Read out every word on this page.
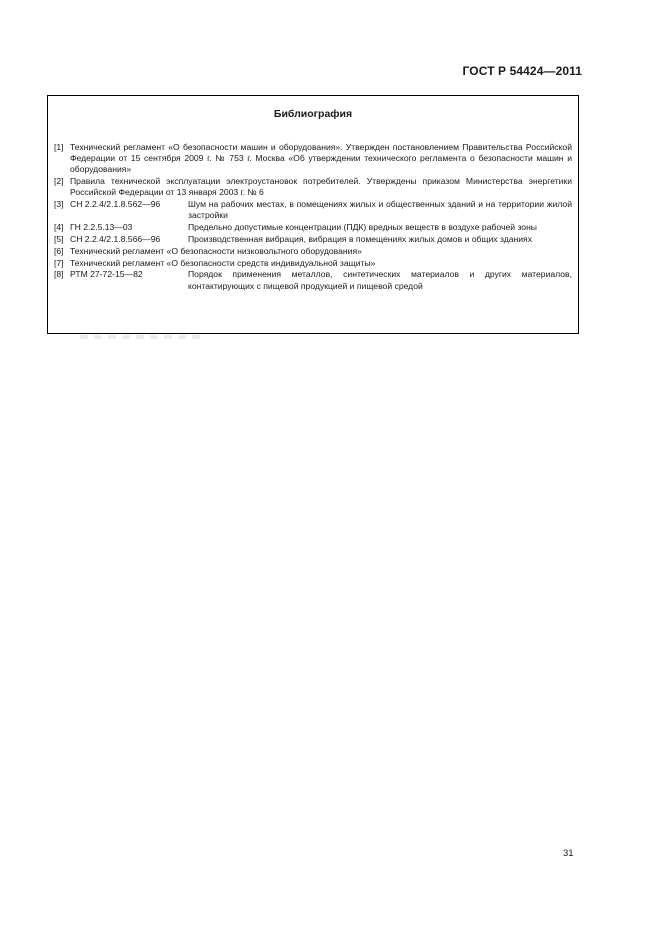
ГОСТ Р 54424—2011
Библиография
[1] Технический регламент «О безопасности машин и оборудования». Утвержден постановлением Правительства Российской Федерации от 15 сентября 2009 г. № 753 г. Москва «Об утверждении технического регламента о безопасности машин и оборудования»
[2] Правила технической эксплуатации электроустановок потребителей. Утверждены приказом Министерства энергетики Российской Федерации от 13 января 2003 г. № 6
[3] СН 2.2.4/2.1.8.562—96	Шум на рабочих местах, в помещениях жилых и общественных зданий и на территории жилой застройки
[4] ГН 2.2.5.13—03	Предельно допустимые концентрации (ПДК) вредных веществ в воздухе рабочей зоны
[5] СН 2.2.4/2.1.8.566—96	Производственная вибрация, вибрация в помещениях жилых домов и общих зданиях
[6] Технический регламент «О безопасности низковольтного оборудования»
[7] Технический регламент «О безопасности средств индивидуальной защиты»
[8] РТМ 27-72-15—82	Порядок применения металлов, синтетических материалов и других материалов, контактирующих с пищевой продукцией и пищевой средой
31
